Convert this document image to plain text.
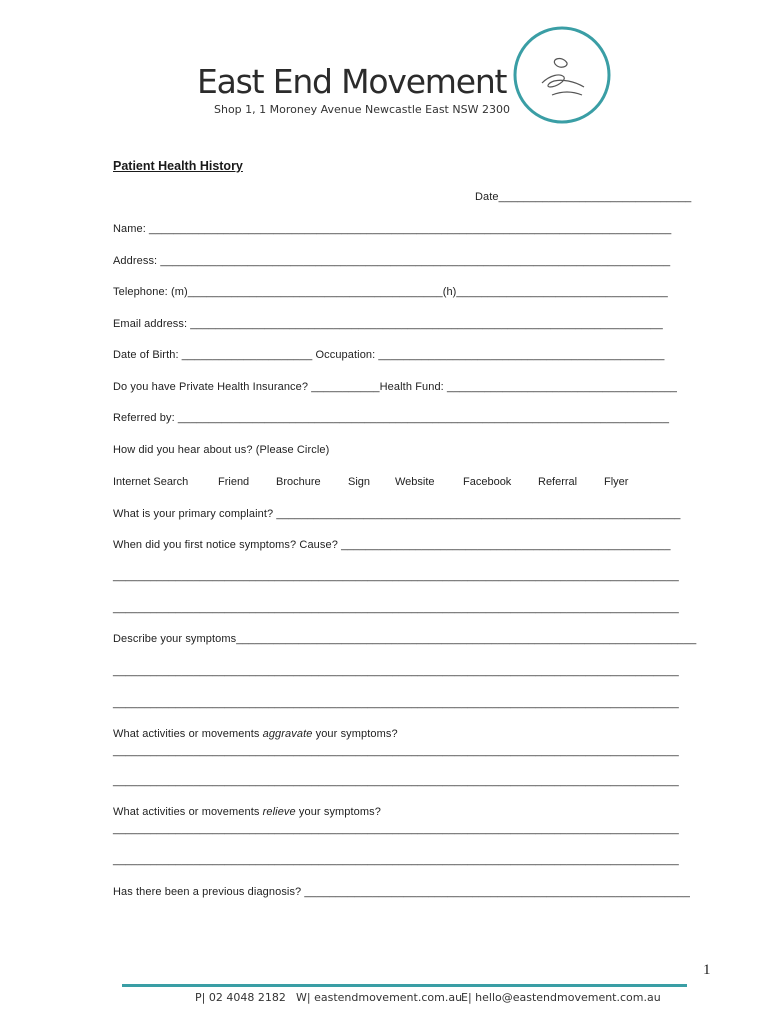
East End Movement
Shop 1, 1 Moroney Avenue Newcastle East NSW 2300
Patient Health History
Date_______________________________
Name: ____________________________________________________________________________________
Address: __________________________________________________________________________________
Telephone: (m)_________________________________________(h)__________________________________
Email address: ____________________________________________________________________________
Date of Birth: _____________________ Occupation: ______________________________________________
Do you have Private Health Insurance? ___________Health Fund: _____________________________________
Referred by: _______________________________________________________________________________
How did you hear about us? (Please Circle)
Internet Search	Friend Brochure Sign Website	Facebook Referral Flyer
What is your primary complaint? _________________________________________________________________
When did you first notice symptoms? Cause? _____________________________________________________
___________________________________________________________________________________________
___________________________________________________________________________________________
Describe your symptoms__________________________________________________________________________
___________________________________________________________________________________________
___________________________________________________________________________________________
What activities or movements aggravate your symptoms?
___________________________________________________________________________________________
___________________________________________________________________________________________
What activities or movements relieve your symptoms?
___________________________________________________________________________________________
___________________________________________________________________________________________
Has there been a previous diagnosis? ______________________________________________________________
1
P| 02 4048 2182 W| eastendmovement.com.au
E| hello@eastendmovement.com.au
